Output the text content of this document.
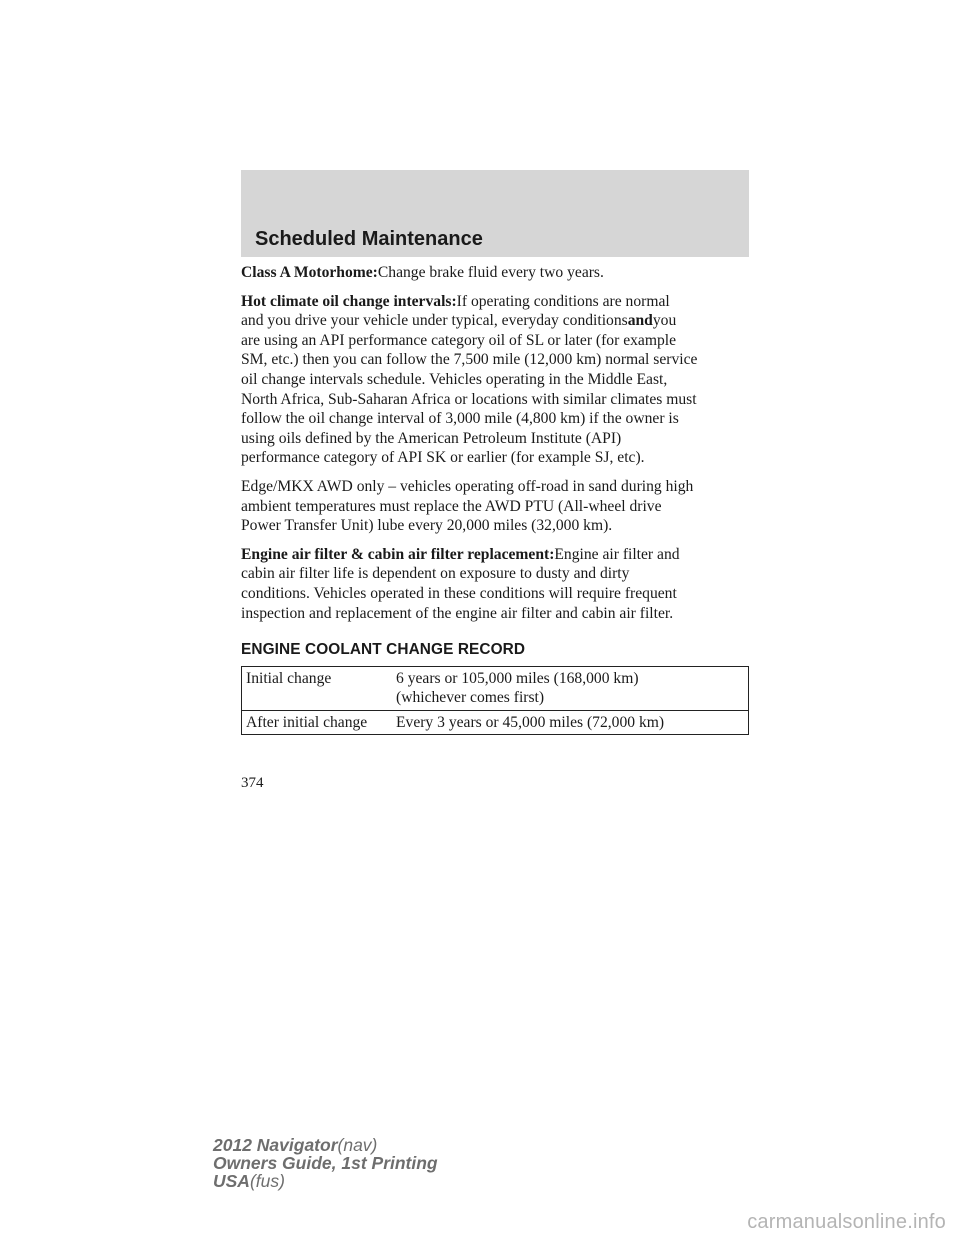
Scheduled Maintenance

Class A Motorhome:Change brake fluid every two years.

Hot climate oil change intervals:If operating conditions are normal
and you drive your vehicle under typical, everyday conditionsandyou
are using an API performance category oil of SL or later (for example
SM, etc.) then you can follow the 7,500 mile (12,000 km) normal service
oil change intervals schedule. Vehicles operating in the Middle East,
North Africa, Sub-Saharan Africa or locations with similar climates must
follow the oil change interval of 3,000 mile (4,800 km) if the owner is
using oils defined by the American Petroleum Institute (API)
performance category of API SK or earlier (for example SJ, etc).

Edge/MKX AWD only – vehicles operating off-road in sand during high
ambient temperatures must replace the AWD PTU (All-wheel drive
Power Transfer Unit) lube every 20,000 miles (32,000 km).

Engine air filter & cabin air filter replacement:Engine air filter and
cabin air filter life is dependent on exposure to dusty and dirty
conditions. Vehicles operated in these conditions will require frequent
inspection and replacement of the engine air filter and cabin air filter.

ENGINE COOLANT CHANGE RECORD
Initial change	6 years or 105,000 miles (168,000 km)
(whichever comes first)

After initial change	Every 3 years or 45,000 miles (72,000 km)
374
2012 Navigator(nav)
Owners Guide, 1st Printing
USA(fus)
carmanualsonline.info
